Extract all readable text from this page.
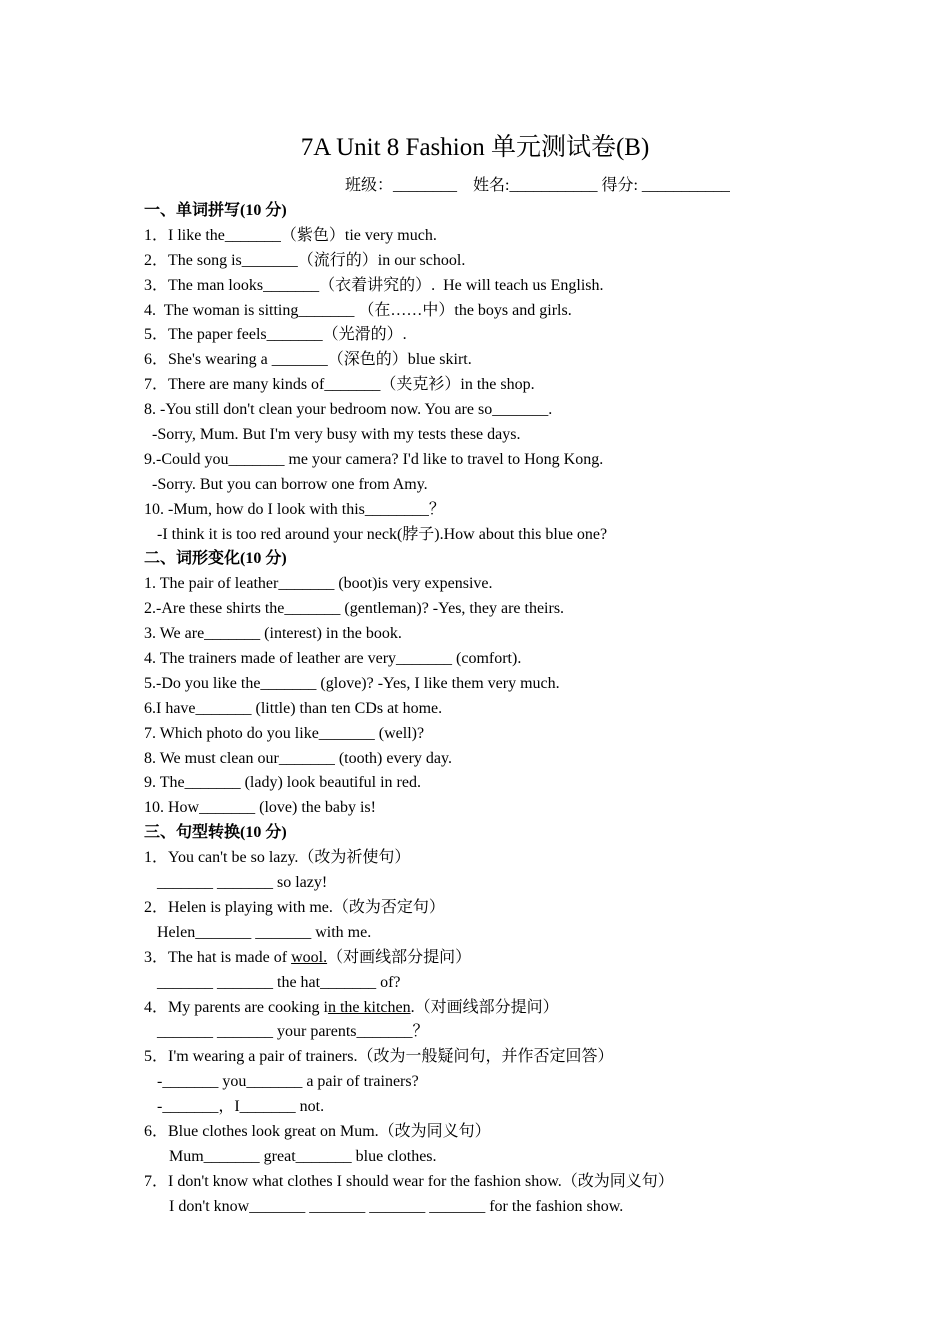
7A Unit 8 Fashion 单元测试卷(B)
班级：________    姓名:___________ 得分: ___________
一、单词拼写(10 分)
1．I like the_______（紫色）tie very much.
2．The song is_______（流行的）in our school.
3．The man looks_______（衣着讲究的）.  He will teach us English.
4.  The woman is sitting_______ （在……中）the boys and girls.
5．The paper feels_______（光滑的）.
6．She's wearing a _______（深色的）blue skirt.
7．There are many kinds of_______（夹克衫）in the shop.
8. -You still don't clean your bedroom now. You are so_______.
-Sorry, Mum. But I'm very busy with my tests these days.
9.-Could you_______ me your camera? I'd like to travel to Hong Kong.
-Sorry. But you can borrow one from Amy.
10. -Mum, how do I look with this________？
-I think it is too red around your neck(脖子).How about this blue one?
二、词形变化(10 分)
1. The pair of leather_______ (boot)is very expensive.
2.-Are these shirts the_______ (gentleman)? -Yes, they are theirs.
3. We are_______ (interest) in the book.
4. The trainers made of leather are very_______ (comfort).
5.-Do you like the_______ (glove)? -Yes, I like them very much.
6.I have_______ (little) than ten CDs at home.
7. Which photo do you like_______ (well)?
8. We must clean our_______ (tooth) every day.
9. The_______ (lady) look beautiful in red.
10. How_______ (love) the baby is!
三、句型转换(10 分)
1．You can't be so lazy.（改为祈使句）
_______ _______ so lazy!
2．Helen is playing with me.（改为否定句）
Helen_______ _______ with me.
3．The hat is made of wool.（对画线部分提问）
_______ _______ the hat_______ of?
4．My parents are cooking in the kitchen.（对画线部分提问）
_______ _______ your parents_______？
5．I'm wearing a pair of trainers.（改为一般疑问句，并作否定回答）
-_______ you_______ a pair of trainers?
-_______，I_______ not.
6．Blue clothes look great on Mum.（改为同义句）
Mum_______ great_______ blue clothes.
7．I don't know what clothes I should wear for the fashion show.（改为同义句）
I don't know_______ _______ _______ _______ for the fashion show.
